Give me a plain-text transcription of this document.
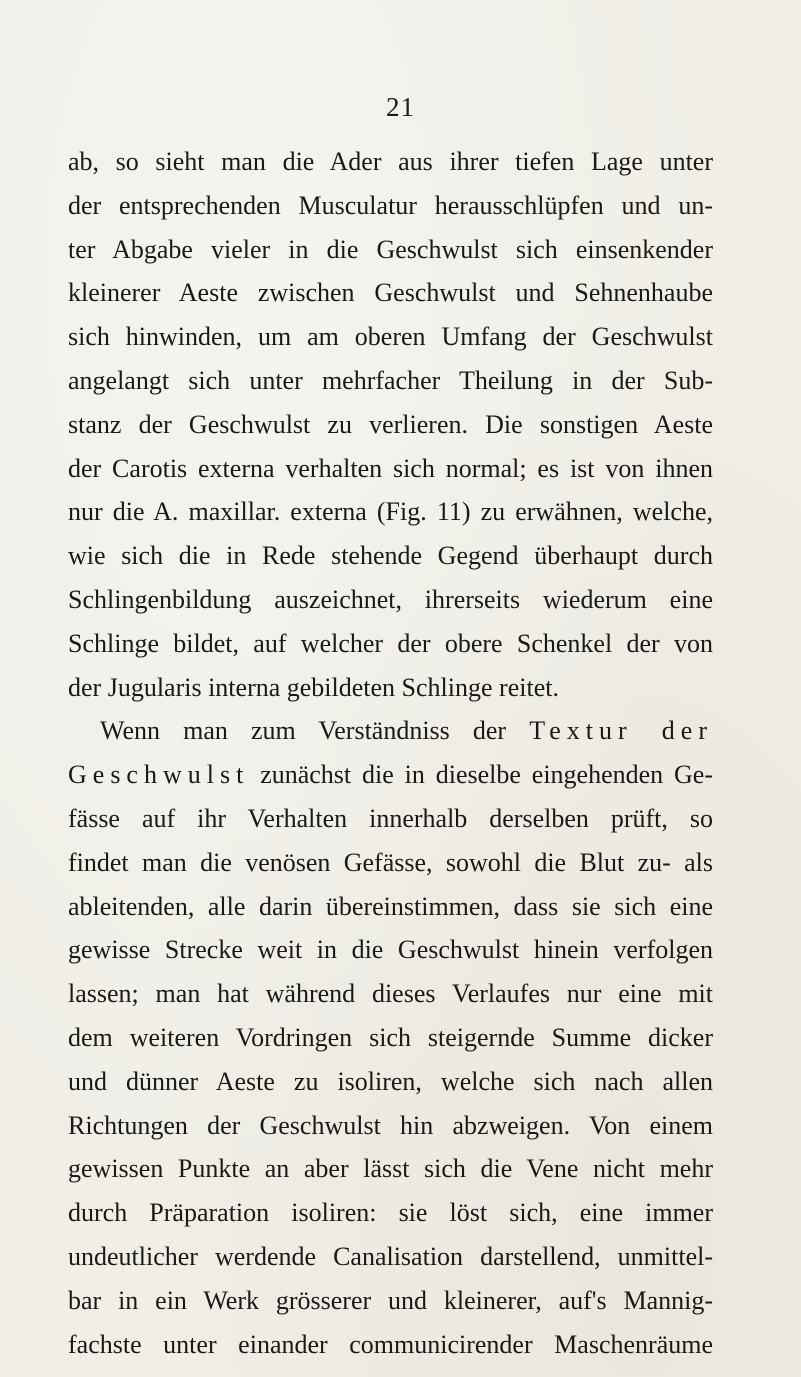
21
ab, so sieht man die Ader aus ihrer tiefen Lage unter
der entsprechenden Musculatur herausschlüpfen und un-
ter Abgabe vieler in die Geschwulst sich einsenkender
kleinerer Aeste zwischen Geschwulst und Sehnenhaube
sich hinwinden, um am oberen Umfang der Geschwulst
angelangt sich unter mehrfacher Theilung in der Sub-
stanz der Geschwulst zu verlieren. Die sonstigen Aeste
der Carotis externa verhalten sich normal; es ist von ihnen
nur die A. maxillar. externa (Fig. 11) zu erwähnen, welche,
wie sich die in Rede stehende Gegend überhaupt durch
Schlingenbildung auszeichnet, ihrerseits wiederum eine
Schlinge bildet, auf welcher der obere Schenkel der von
der Jugularis interna gebildeten Schlinge reitet.
Wenn man zum Verständniss der Textur der
Geschwulst zunächst die in dieselbe eingehenden Ge-
fässe auf ihr Verhalten innerhalb derselben prüft, so
findet man die venösen Gefässe, sowohl die Blut zu- als
ableitenden, alle darin übereinstimmen, dass sie sich eine
gewisse Strecke weit in die Geschwulst hinein verfolgen
lassen; man hat während dieses Verlaufes nur eine mit
dem weiteren Vordringen sich steigernde Summe dicker
und dünner Aeste zu isoliren, welche sich nach allen
Richtungen der Geschwulst hin abzweigen. Von einem
gewissen Punkte an aber lässt sich die Vene nicht mehr
durch Präparation isoliren: sie löst sich, eine immer
undeutlicher werdende Canalisation darstellend, unmittel-
bar in ein Werk grösserer und kleinerer, auf's Mannig-
fachste unter einander communicirender Maschenräume
